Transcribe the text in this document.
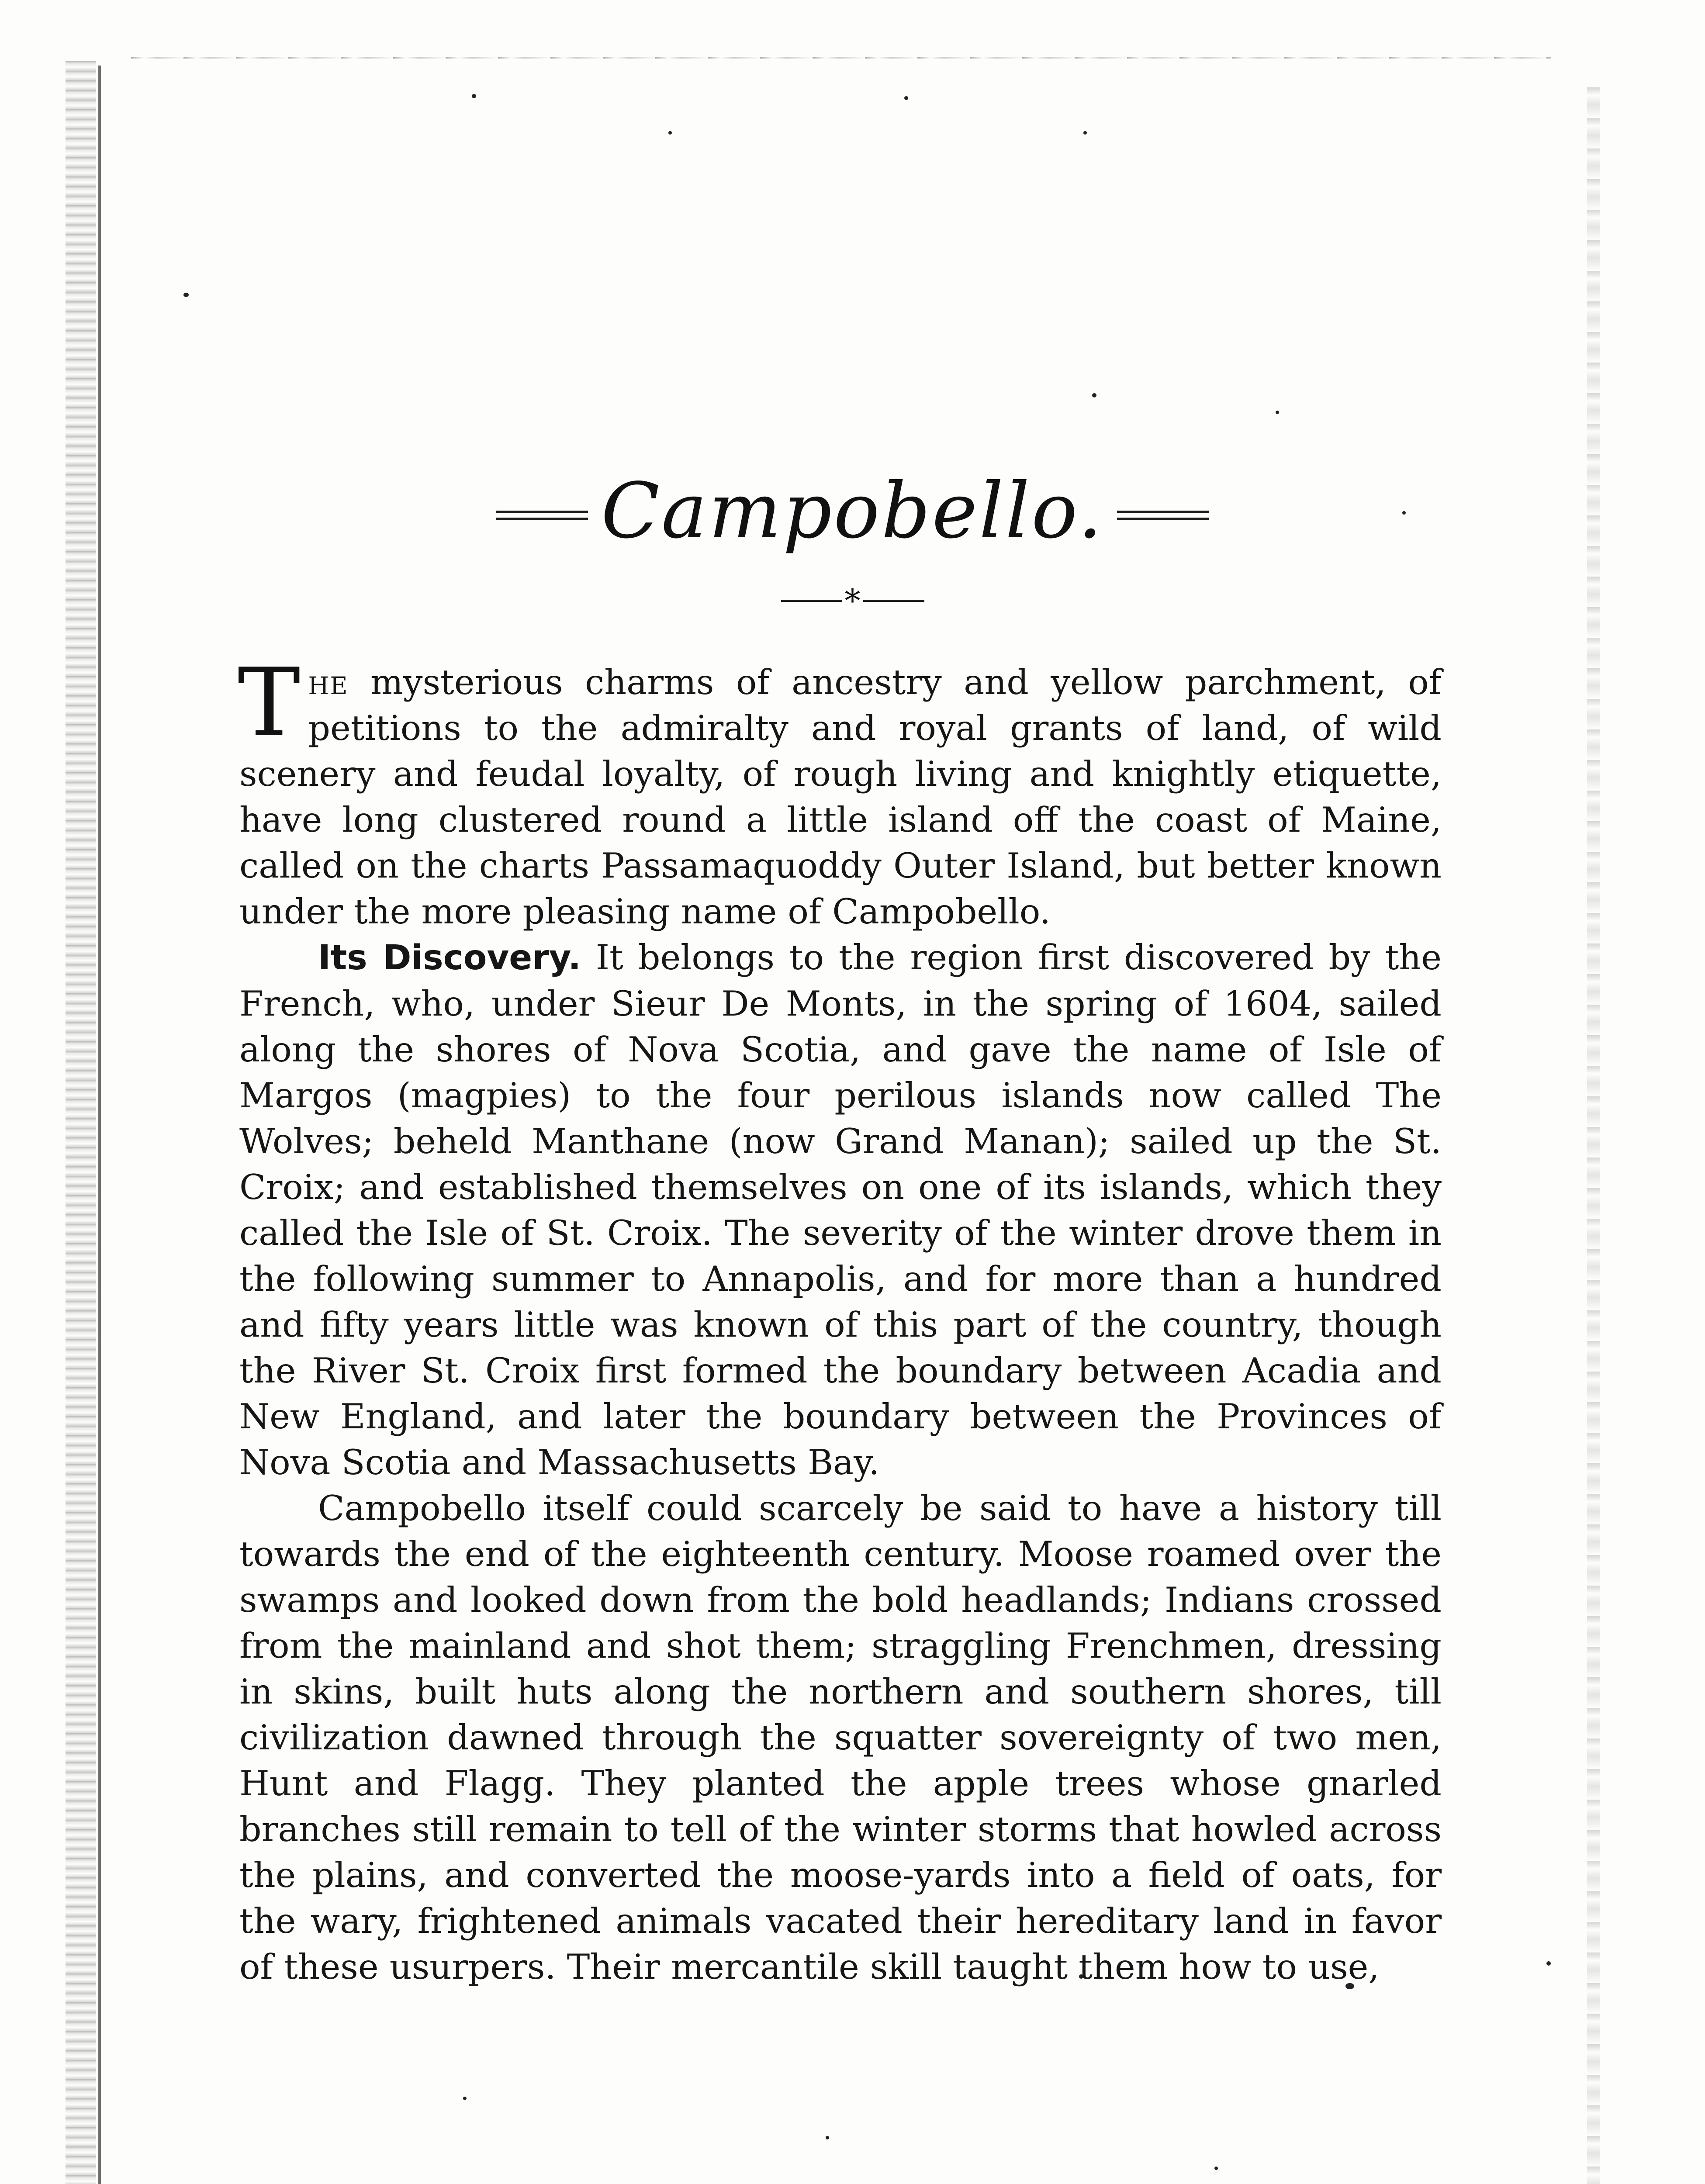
Campobello.
*

The mysterious charms of ancestry and yellow parchment, of petitions to the admiralty and royal grants of land, of wild scenery and feudal loyalty, of rough living and knightly etiquette, have long clustered round a little island off the coast of Maine, called on the charts Passamaquoddy Outer Island, but better known under the more pleasing name of Campobello.

Its Discovery. It belongs to the region first discovered by the French, who, under Sieur De Monts, in the spring of 1604, sailed along the shores of Nova Scotia, and gave the name of Isle of Margos (magpies) to the four perilous islands now called The Wolves; beheld Manthane (now Grand Manan); sailed up the St. Croix; and established themselves on one of its islands, which they called the Isle of St. Croix. The severity of the winter drove them in the following summer to Annapolis, and for more than a hundred and fifty years little was known of this part of the country, though the River St. Croix first formed the boundary between Acadia and New England, and later the boundary between the Provinces of Nova Scotia and Massachusetts Bay.

Campobello itself could scarcely be said to have a history till towards the end of the eighteenth century. Moose roamed over the swamps and looked down from the bold headlands; Indians crossed from the mainland and shot them; straggling Frenchmen, dressing in skins, built huts along the northern and southern shores, till civilization dawned through the squatter sovereignty of two men, Hunt and Flagg. They planted the apple trees whose gnarled branches still remain to tell of the winter storms that howled across the plains, and converted the moose-yards into a field of oats, for the wary, frightened animals vacated their hereditary land in favor of these usurpers. Their mercantile skill taught them how to use,
